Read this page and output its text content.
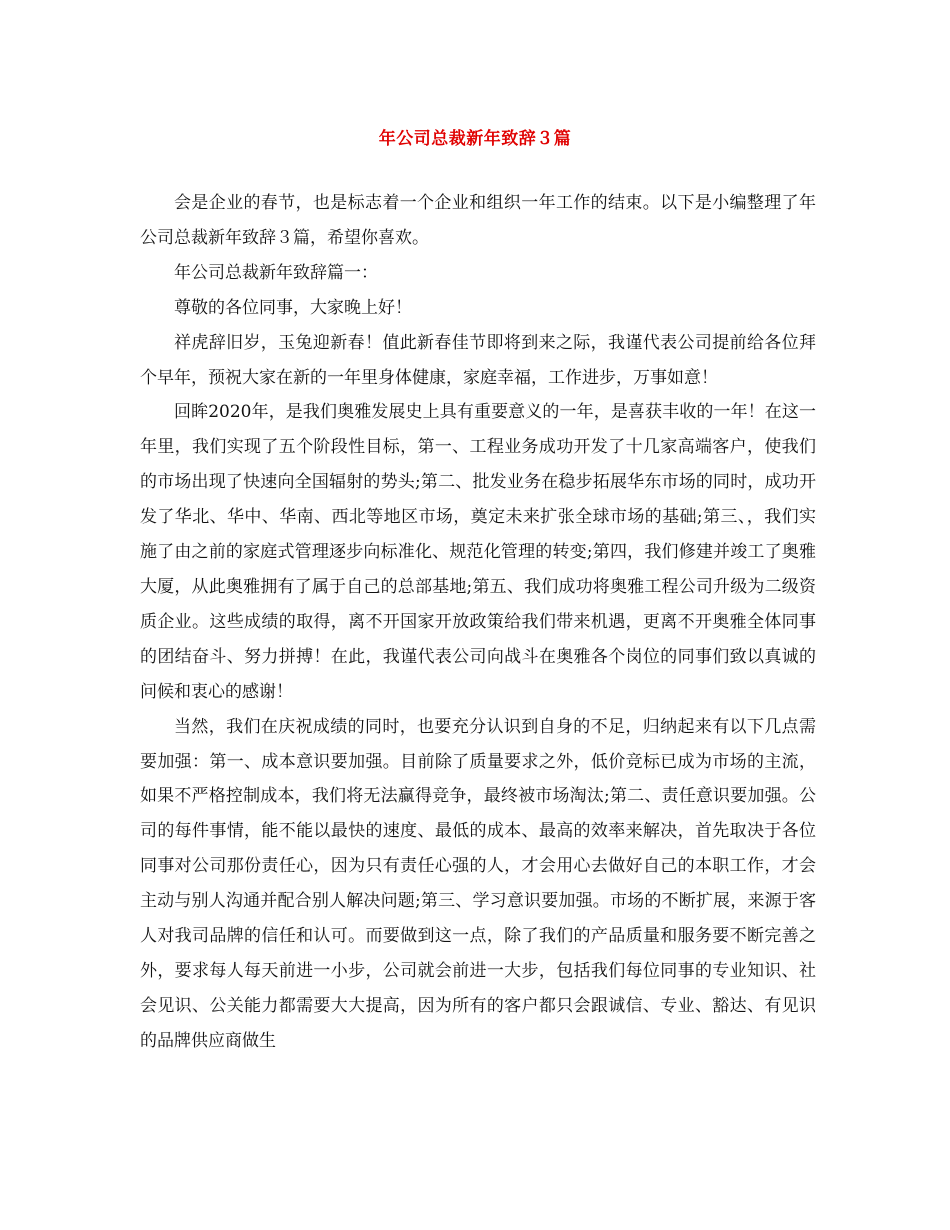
年公司总裁新年致辞３篇

会是企业的春节，也是标志着一个企业和组织一年工作的结束。以下是小编整理了年公司总裁新年致辞３篇，希望你喜欢。

年公司总裁新年致辞篇一：

尊敬的各位同事，大家晚上好！

祥虎辞旧岁，玉兔迎新春！值此新春佳节即将到来之际，我谨代表公司提前给各位拜个早年，预祝大家在新的一年里身体健康，家庭幸福，工作进步，万事如意！

回眸2020年，是我们奥雅发展史上具有重要意义的一年，是喜获丰收的一年！在这一年里，我们实现了五个阶段性目标，第一、工程业务成功开发了十几家高端客户，使我们的市场出现了快速向全国辐射的势头;第二、批发业务在稳步拓展华东市场的同时，成功开发了华北、华中、华南、西北等地区市场，奠定未来扩张全球市场的基础;第三、，我们实施了由之前的家庭式管理逐步向标准化、规范化管理的转变;第四，我们修建并竣工了奥雅大厦，从此奥雅拥有了属于自己的总部基地;第五、我们成功将奥雅工程公司升级为二级资质企业。这些成绩的取得，离不开国家开放政策给我们带来机遇，更离不开奥雅全体同事的团结奋斗、努力拼搏！在此，我谨代表公司向战斗在奥雅各个岗位的同事们致以真诚的问候和衷心的感谢！

当然，我们在庆祝成绩的同时，也要充分认识到自身的不足，归纳起来有以下几点需要加强：第一、成本意识要加强。目前除了质量要求之外，低价竞标已成为市场的主流，如果不严格控制成本，我们将无法赢得竞争，最终被市场淘汰;第二、责任意识要加强。公司的每件事情，能不能以最快的速度、最低的成本、最高的效率来解决，首先取决于各位同事对公司那份责任心，因为只有责任心强的人，才会用心去做好自己的本职工作，才会主动与别人沟通并配合别人解决问题;第三、学习意识要加强。市场的不断扩展，来源于客人对我司品牌的信任和认可。而要做到这一点，除了我们的产品质量和服务要不断完善之外，要求每人每天前进一小步，公司就会前进一大步，包括我们每位同事的专业知识、社会见识、公关能力都需要大大提高，因为所有的客户都只会跟诚信、专业、豁达、有见识的品牌供应商做生
